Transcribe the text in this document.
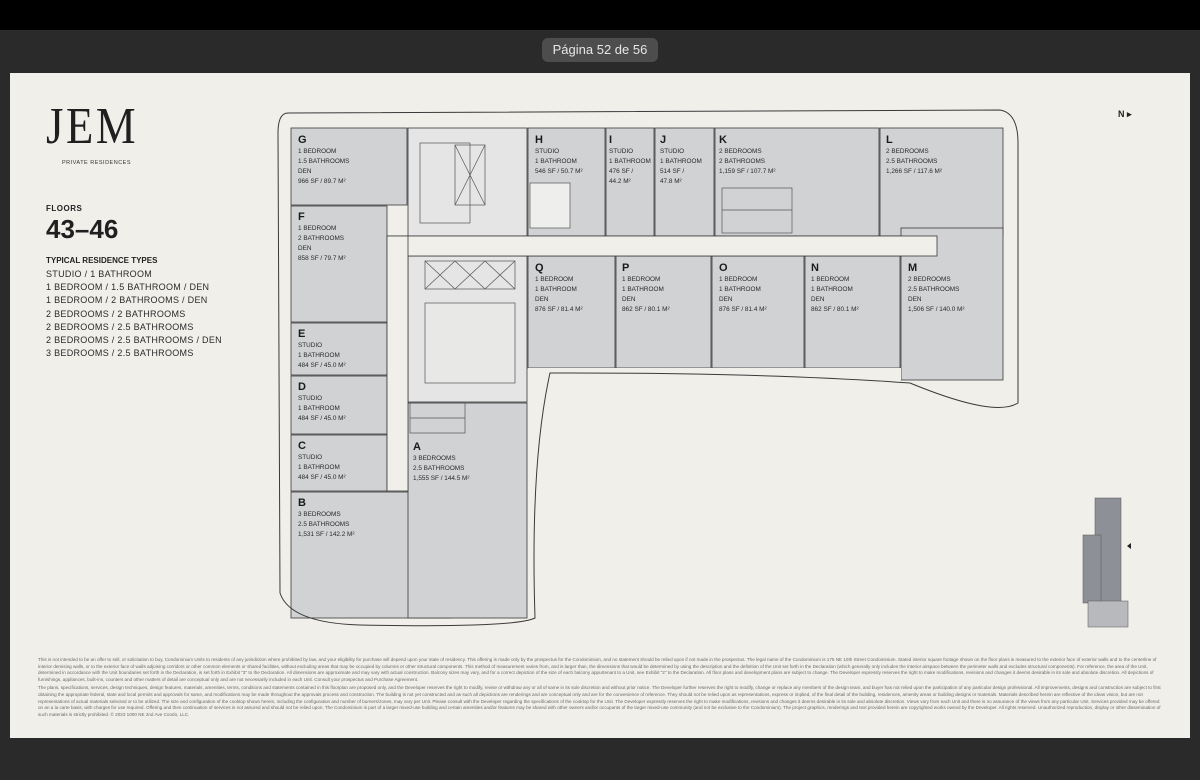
Página 52 de 56
JEM
PRIVATE RESIDENCES
FLOORS
43–46
TYPICAL RESIDENCE TYPES
STUDIO / 1 BATHROOM
1 BEDROOM / 1.5 BATHROOM / DEN
1 BEDROOM / 2 BATHROOMS / DEN
2 BEDROOMS / 2 BATHROOMS
2 BEDROOMS / 2.5 BATHROOMS
2 BEDROOMS / 2.5 BATHROOMS / DEN
3 BEDROOMS / 2.5 BATHROOMS
N ▸
G
1 BEDROOM
1.5 BATHROOMS
DEN
966 SF / 89.7 M²
H
STUDIO
1 BATHROOM
546 SF / 50.7 M²
I
STUDIO
1 BATHROOM
476 SF /
44.2 M²
J
STUDIO
1 BATHROOM
514 SF /
47.8 M²
K
2 BEDROOMS
2 BATHROOMS
1,159 SF / 107.7 M²
L
2 BEDROOMS
2.5 BATHROOMS
1,266 SF / 117.6 M²
F
1 BEDROOM
2 BATHROOMS
DEN
858 SF / 79.7 M²
Q
1 BEDROOM
1 BATHROOM
DEN
876 SF / 81.4 M²
P
1 BEDROOM
1 BATHROOM
DEN
862 SF / 80.1 M²
O
1 BEDROOM
1 BATHROOM
DEN
876 SF / 81.4 M²
N
1 BEDROOM
1 BATHROOM
DEN
862 SF / 80.1 M²
M
2 BEDROOMS
2.5 BATHROOMS
DEN
1,506 SF / 140.0 M²
E
STUDIO
1 BATHROOM
484 SF / 45.0 M²
D
STUDIO
1 BATHROOM
484 SF / 45.0 M²
C
STUDIO
1 BATHROOM
484 SF / 45.0 M²
A
3 BEDROOMS
2.5 BATHROOMS
1,555 SF / 144.5 M²
B
3 BEDROOMS
2.5 BATHROOMS
1,531 SF / 142.2 M²

This is not intended to be an offer to sell, or solicitation to buy, Condominium Units to residents of any jurisdiction where prohibited by law, and your eligibility for purchase will depend upon your state of residency. This offering is made only by the prospectus for the Condominium, and no statement should be relied upon if not made in the prospectus. The legal name of the Condominium is 175 NE 10th Street Condominium. Stated interior square footage shown on the floor plans is measured to the exterior face of exterior walls and to the centerline of interior demising walls, or to the exterior face of walls adjoining corridors or other common elements or shared facilities, without excluding areas that may be occupied by columns or other structural components. This method of measurement varies from, and is larger than, the dimensions that would be determined by using the description and the definition of the Unit set forth in the Declaration (which generally only includes the interior airspace between the perimeter walls and excludes structural components). For reference, the area of the Unit, determined in accordance with the Unit boundaries set forth in the Declaration, is set forth in Exhibit "3" to the Declaration. All dimensions are approximate and may vary with actual construction. Balcony sizes may vary, and for a correct depiction of the size of each balcony appurtenant to a Unit, see Exhibit "2" to the Declaration. All floor plans and development plans are subject to change. The Developer expressly reserves the right to make modifications, revisions and changes it deems desirable in its sole and absolute discretion. All depictions of furnishings, appliances, built-ins, counters and other matters of detail are conceptual only and are not necessarily included in each Unit. Consult your prospectus and Purchase Agreement.

The plans, specifications, services, design techniques, design features, materials, amenities, terms, conditions and statements contained in this floorplan are proposed only, and the Developer reserves the right to modify, revise or withdraw any or all of same in its sole discretion and without prior notice. The Developer further reserves the right to modify, change or replace any members of the design team, and buyer has not relied upon the participation of any particular design professional. All improvements, designs and construction are subject to first obtaining the appropriate federal, state and local permits and approvals for same, and modifications may be made throughout the approvals process and construction. The building is not yet constructed and as such all depictions are renderings and are conceptual only and are for the convenience of reference. They should not be relied upon as representations, express or implied, of the final detail of the building, residences, amenity areas or building designs or materials. Materials described herein are reflective of the ideas vision, but are not representations of actual materials selected or to be utilized. The size and configuration of the cooktop shown herein, including the configuration and number of burners/zones, may vary per Unit. Please consult with the Developer regarding the specifications of the cooktop for the Unit. The Developer expressly reserves the right to make modifications, revisions and changes it deems desirable in its sole and absolute discretion. Views vary from each Unit and there is no assurance of the views from any particular Unit. Services provided may be offered on an a la carte basis, with charges for use required. Offering and then continuation of services is not assured and should not be relied upon. The Condominium is part of a larger mixed-use building and certain amenities and/or features may be shared with other owners and/or occupants of the larger mixed-use community (and not be exclusive to the Condominium). The project graphics, renderings and text provided herein are copyrighted works owned by the Developer. All rights reserved. Unauthorized reproduction, display or other dissemination of such materials is strictly prohibited. © 2023 1000 NE 2nd Ave Condo, LLC.
